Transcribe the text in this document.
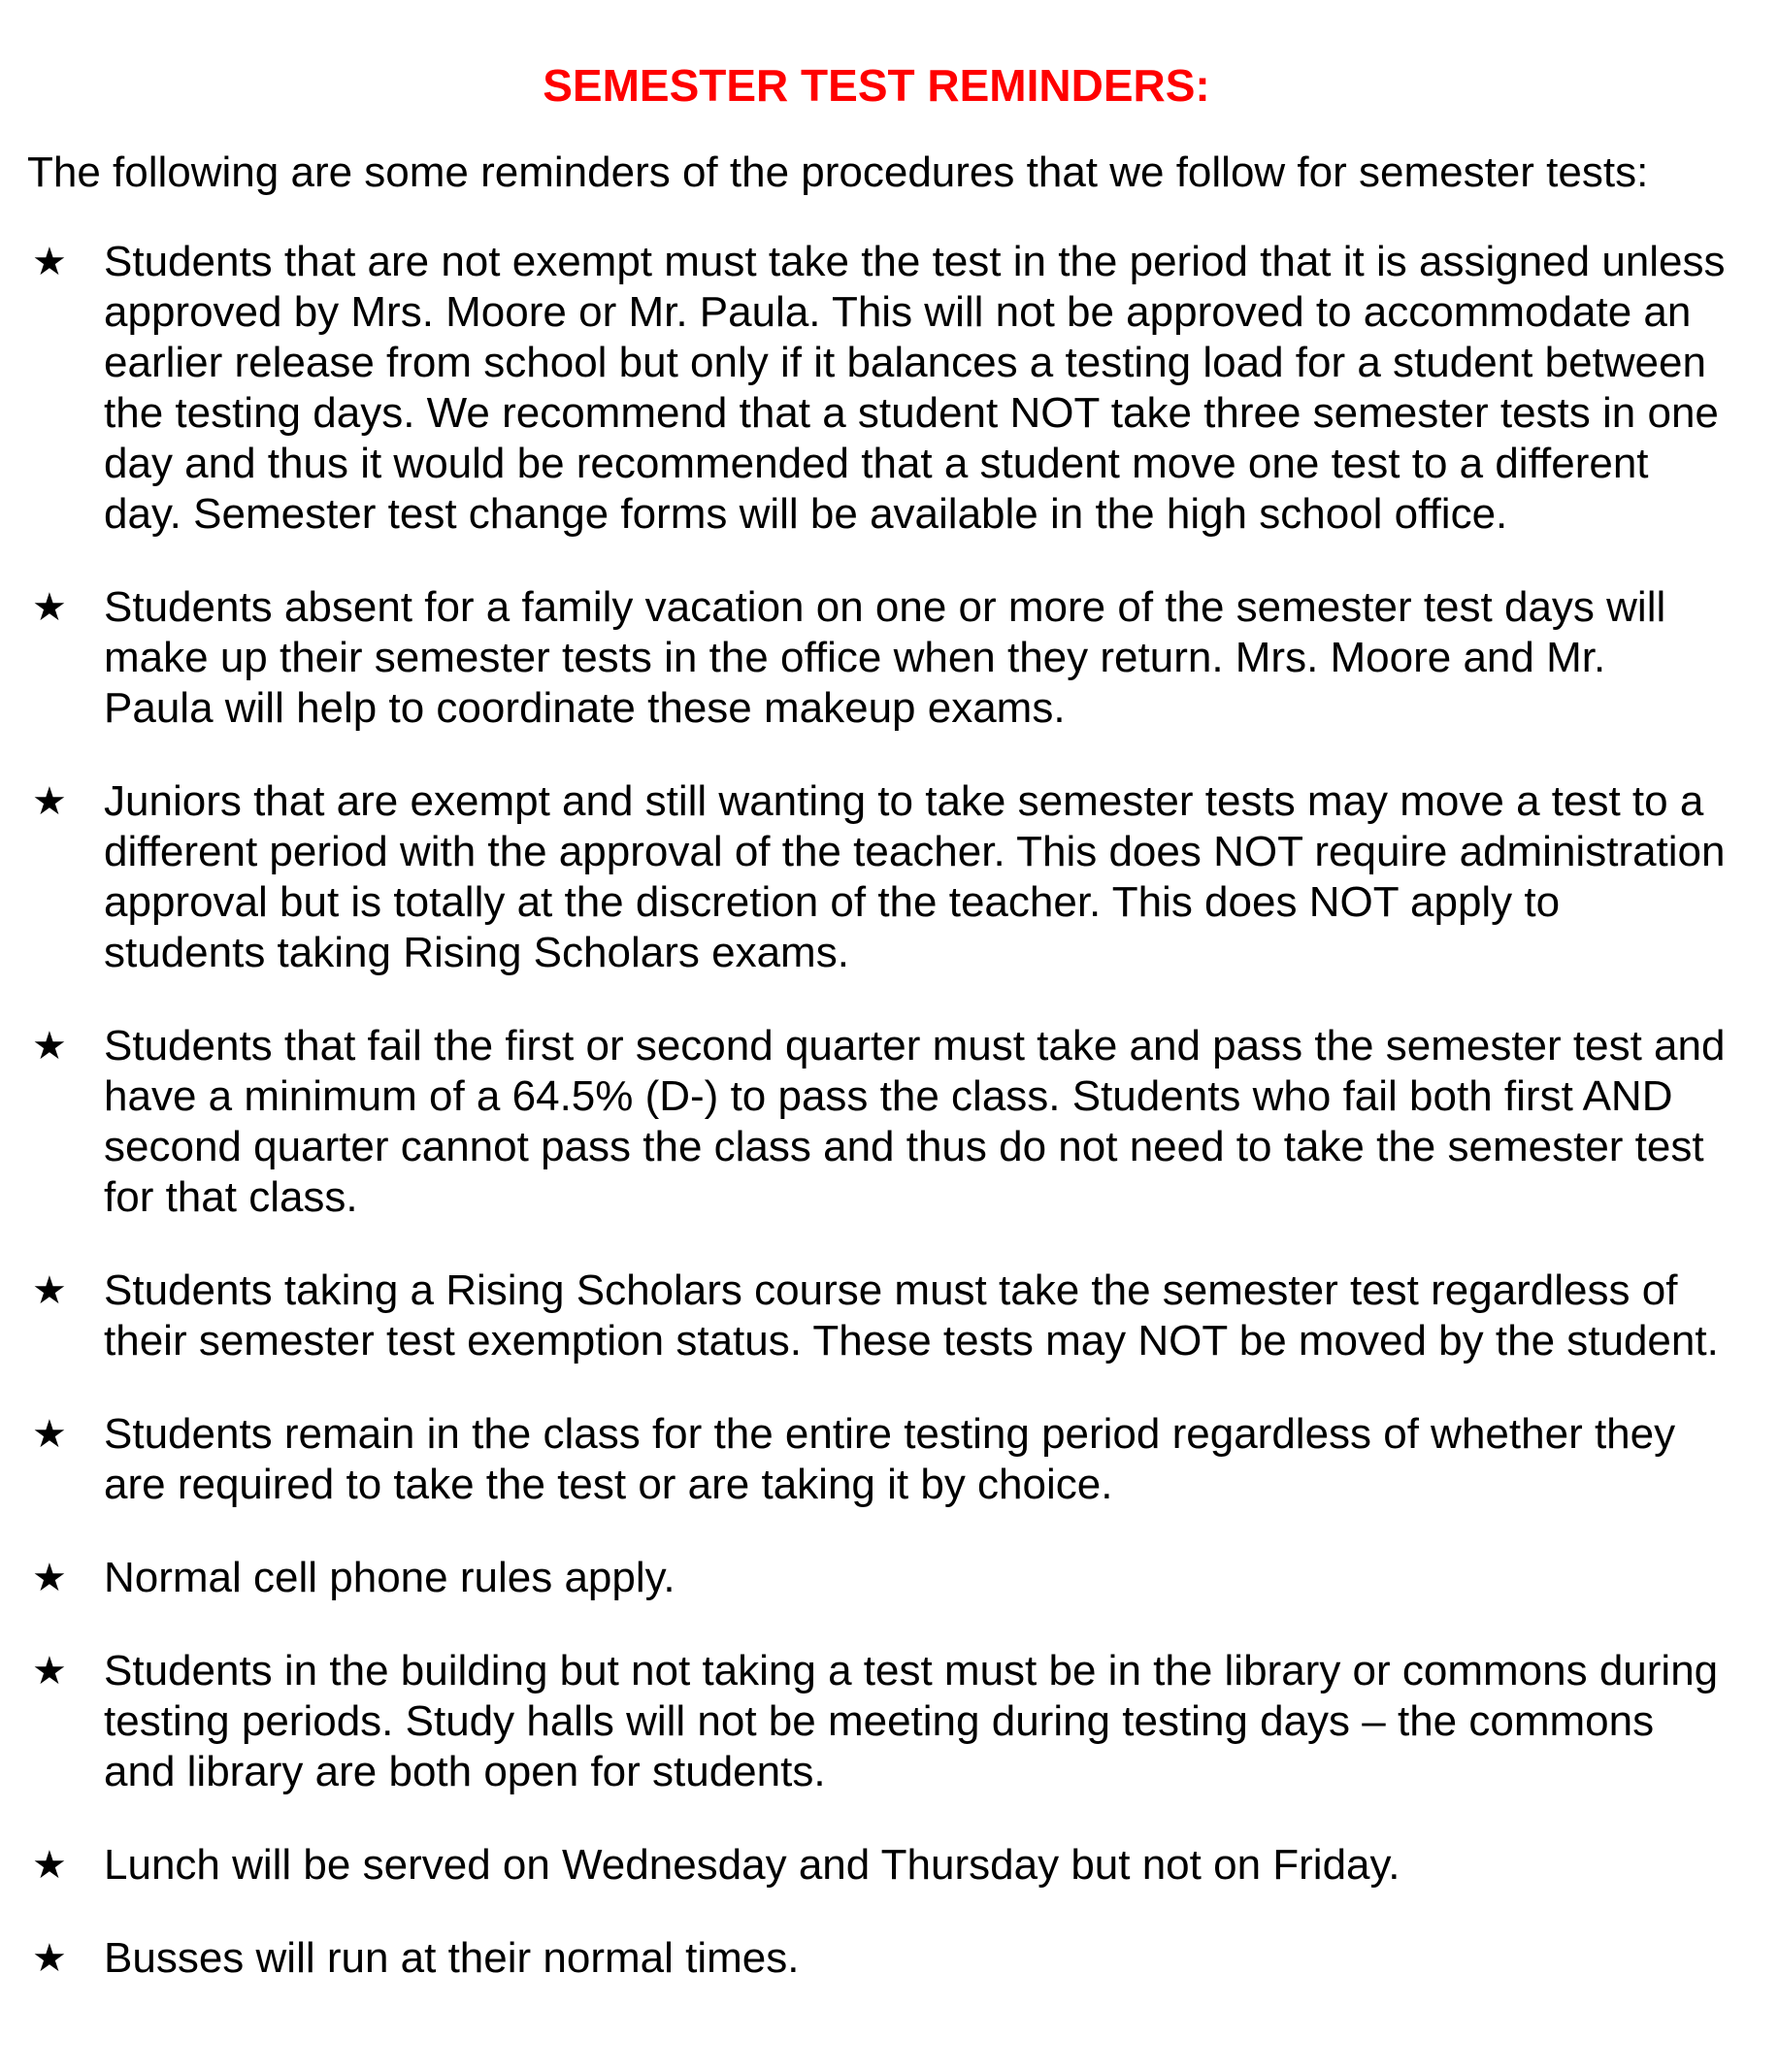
SEMESTER TEST REMINDERS:

The following are some reminders of the procedures that we follow for semester tests:

★ Students that are not exempt must take the test in the period that it is assigned unless approved by Mrs. Moore or Mr. Paula. This will not be approved to accommodate an earlier release from school but only if it balances a testing load for a student between the testing days. We recommend that a student NOT take three semester tests in one day and thus it would be recommended that a student move one test to a different day. Semester test change forms will be available in the high school office.
★ Students absent for a family vacation on one or more of the semester test days will make up their semester tests in the office when they return. Mrs. Moore and Mr. Paula will help to coordinate these makeup exams.
★ Juniors that are exempt and still wanting to take semester tests may move a test to a different period with the approval of the teacher. This does NOT require administration approval but is totally at the discretion of the teacher. This does NOT apply to students taking Rising Scholars exams.
★ Students that fail the first or second quarter must take and pass the semester test and have a minimum of a 64.5% (D-) to pass the class. Students who fail both first AND second quarter cannot pass the class and thus do not need to take the semester test for that class.
★ Students taking a Rising Scholars course must take the semester test regardless of their semester test exemption status. These tests may NOT be moved by the student.
★ Students remain in the class for the entire testing period regardless of whether they are required to take the test or are taking it by choice.
★ Normal cell phone rules apply.
★ Students in the building but not taking a test must be in the library or commons during testing periods. Study halls will not be meeting during testing days – the commons and library are both open for students.
★ Lunch will be served on Wednesday and Thursday but not on Friday.
★ Busses will run at their normal times.
